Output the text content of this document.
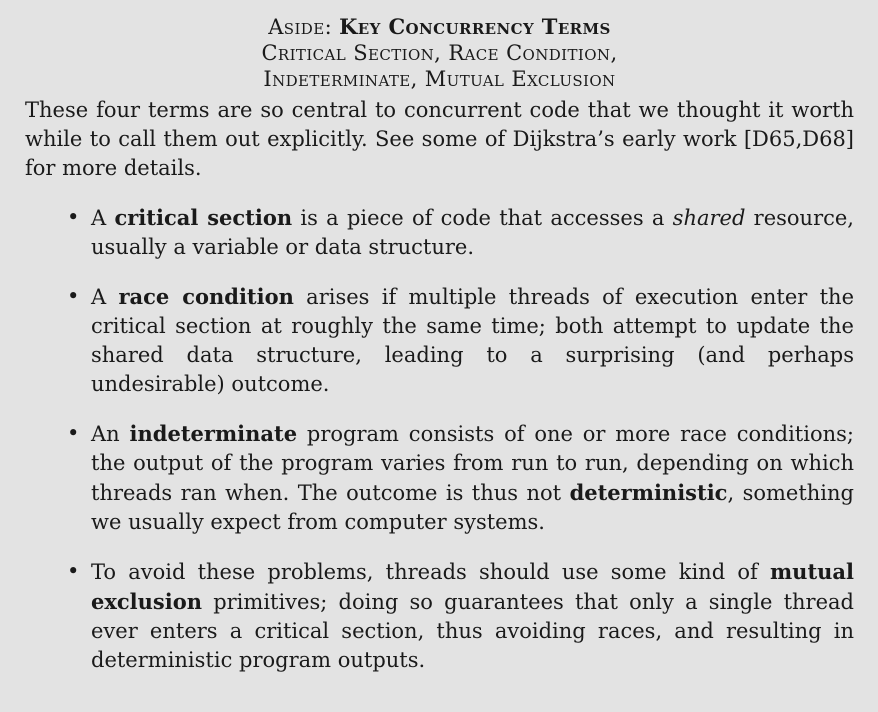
Aside: Key Concurrency Terms

Critical Section, Race Condition,

Indeterminate, Mutual Exclusion

These four terms are so central to concurrent code that we thought it worth while to call them out explicitly. See some of Dijkstra’s early work [D65,D68] for more details.

• A critical section is a piece of code that accesses a shared resource, usually a variable or data structure.
• A race condition arises if multiple threads of execution enter the critical section at roughly the same time; both attempt to update the shared data structure, leading to a surprising (and perhaps undesirable) outcome.
• An indeterminate program consists of one or more race conditions; the output of the program varies from run to run, depending on which threads ran when. The outcome is thus not deterministic, something we usually expect from computer systems.
• To avoid these problems, threads should use some kind of mutual exclusion primitives; doing so guarantees that only a single thread ever enters a critical section, thus avoiding races, and resulting in deterministic program outputs.
